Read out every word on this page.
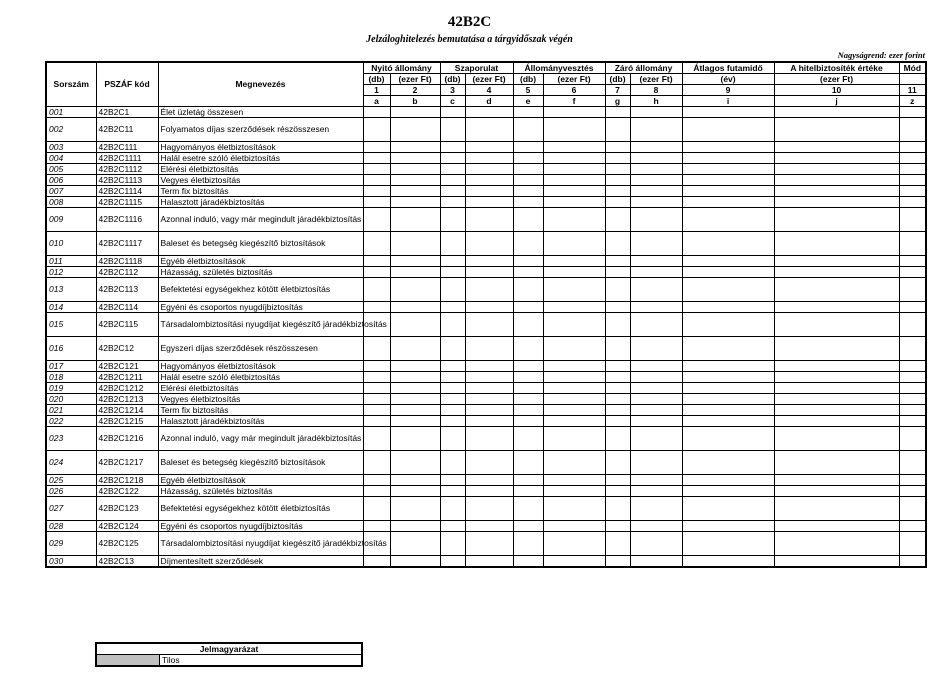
42B2C
Jelzáloghitelezés bemutatása a tárgyidőszak végén
Nagyságrend: ezer forint
Sorszám	PSZÁF kód	Megnevezés	Nyitó állomány		Szaporulat		Állományvesztés		Záró állomány		Átlagos futamidő	A hitelbiztosíték értéke	Mód
			(db)	(ezer Ft)	(db)	(ezer Ft)	(db)	(ezer Ft)	(db)	(ezer Ft)	(év)	(ezer Ft)	
			1	2	3	4	5	6	7	8	9	10	11
			a	b	c	d	e	f	g	h	i	j	z
001	42B2C1	Élet üzletág összesen											
002	42B2C11	Folyamatos díjas szerződések részösszesen											
003	42B2C111	Hagyományos életbiztosítások											
004	42B2C1111	Halál esetre szóló életbiztosítás											
005	42B2C1112	Elérési életbiztosítás											
006	42B2C1113	Vegyes életbiztosítás											
007	42B2C1114	Term fix biztosítás											
008	42B2C1115	Halasztott járadékbiztosítás											
009	42B2C1116	Azonnal induló, vagy már megindult járadékbiztosítás											
010	42B2C1117	Baleset és betegség kiegészítő biztosítások											
011	42B2C1118	Egyéb életbiztosítások											
012	42B2C112	Házasság, születés biztosítás											
013	42B2C113	Befektetési egységekhez kötött életbiztosítás											
014	42B2C114	Egyéni és csoportos nyugdíjbiztosítás											
015	42B2C115	Társadalombiztosítási nyugdíjat kiegészítő járadékbiztosítás											
016	42B2C12	Egyszeri díjas szerződések részösszesen											
017	42B2C121	Hagyományos életbiztosítások											
018	42B2C1211	Halál esetre szóló életbiztosítás											
019	42B2C1212	Elérési életbiztosítás											
020	42B2C1213	Vegyes életbiztosítás											
021	42B2C1214	Term fix biztosítás											
022	42B2C1215	Halasztott járadékbiztosítás											
023	42B2C1216	Azonnal induló, vagy már megindult járadékbiztosítás											
024	42B2C1217	Baleset és betegség kiegészítő biztosítások											
025	42B2C1218	Egyéb életbiztosítások											
026	42B2C122	Házasság, születés biztosítás											
027	42B2C123	Befektetési egységekhez kötött életbiztosítás											
028	42B2C124	Egyéni és csoportos nyugdíjbiztosítás											
029	42B2C125	Társadalombiztosítási nyugdíjat kiegészítő járadékbiztosítás											
030	42B2C13	Díjmentesített szerződések											
Jelmagyarázat
	Tilos
